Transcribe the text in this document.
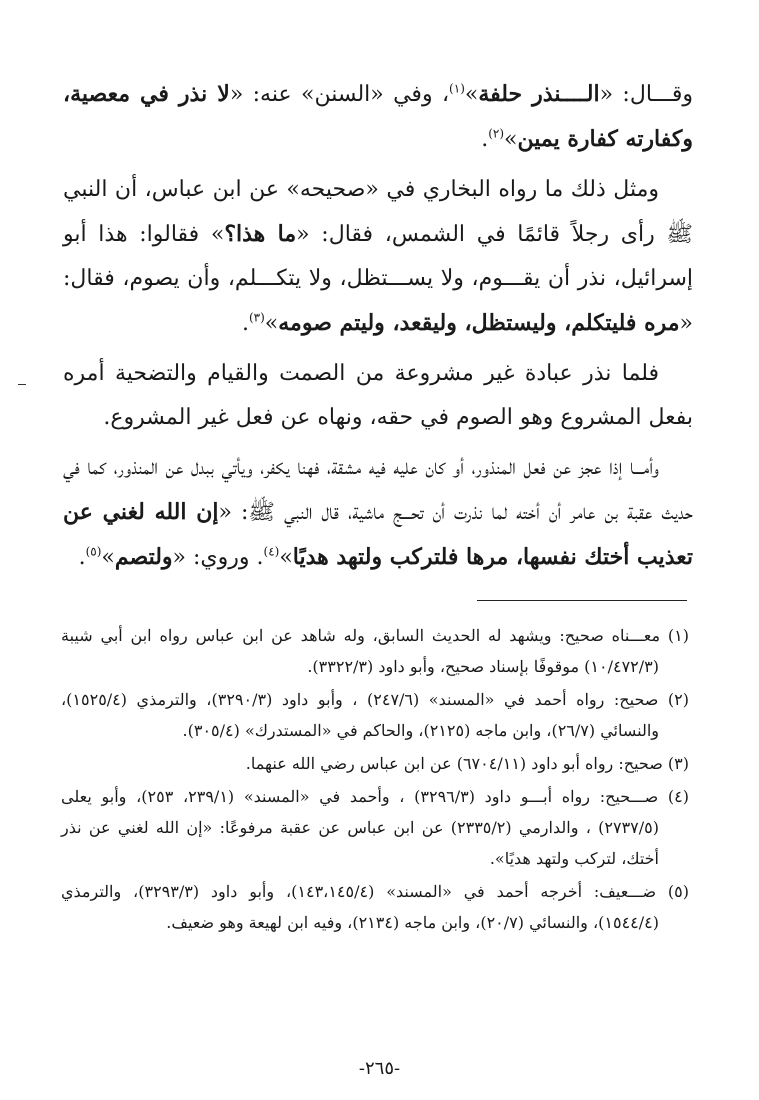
وقـــال: «الــــنذر حلفة»$^{(١)}$، وفي «السنن» عنه: «لا نذر في معصية، وكفارته كفارة يمين»$^{(٢)}$.

ومثل ذلك ما رواه البخاري في «صحيحه» عن ابن عباس، أن النبي ﷺ رأى رجلاً قائمًا في الشمس، فقال: «ما هذا؟» فقالوا: هذا أبو إسرائيل، نذر أن يقـــوم، ولا يســـتظل، ولا يتكـــلم، وأن يصوم، فقال: «مره فليتكلم، وليستظل، وليقعد، وليتم صومه»$^{(٣)}$.

فلما نذر عبادة غير مشروعة من الصمت والقيام والتضحية أمره بفعل المشروع وهو الصوم في حقه، ونهاه عن فعل غير المشروع.

وأمـــا إذا عجز عن فعل المنذور، أو كان عليه فيه مشقة، فهنا يكفر، ويأتي ببدل عن المنذور، كما في حديث عقبة بن عامر أن أخته لما نذرت أن تحـــج ماشية، قال النبي ﷺ: «إن الله لغني عن تعذيب أختك نفسها، مرها فلتركب ولتهد هديًا»$^{(٤)}$. وروي: «ولتصم»$^{(٥)}$.

(١) معـــناه صحيح: ويشهد له الحديث السابق، وله شاهد عن ابن عباس رواه ابن أبي شيبة (١٠/٤٧٢/٣) موقوفًا بإسناد صحيح، وأبو داود (٣٣٢٢/٣).

(٢) صحيح: رواه أحمد في «المسند» (٢٤٧/٦) ، وأبو داود (٣٢٩٠/٣)، والترمذي (١٥٢٥/٤)، والنسائي (٢٦/٧)، وابن ماجه (٢١٢٥)، والحاكم في «المستدرك» (٣٠٥/٤).

(٣) صحيح: رواه أبو داود (٦٧٠٤/١١) عن ابن عباس رضي الله عنهما.

(٤) صـــحيح: رواه أبـــو داود (٣٢٩٦/٣) ، وأحمد في «المسند» (٢٣٩/١، ٢٥٣)، وأبو يعلى (٢٧٣٧/٥) ، والدارمي (٢٣٣٥/٢) عن ابن عباس عن عقبة مرفوعًا: «إن الله لغني عن نذر أختك، لتركب ولتهد هديًا».

(٥) ضـــعيف: أخرجه أحمد في «المسند» (١٤٣،١٤٥/٤)، وأبو داود (٣٢٩٣/٣)، والترمذي (١٥٤٤/٤)، والنسائي (٢٠/٧)، وابن ماجه (٢١٣٤)، وفيه ابن لهيعة وهو ضعيف.

-٢٦٥-
